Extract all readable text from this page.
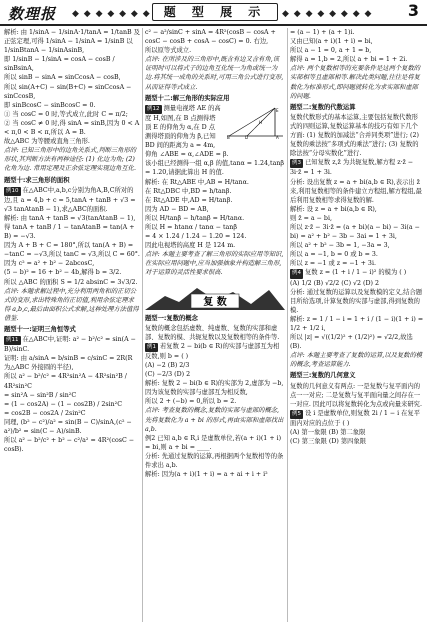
数理报 ◆ ◆ ◆ ◆ ◆ ◆ ◆	题 型 展 示	◆ ◆ ◆ ◆ ◆ ◆ ◆ ◆ 3

解析: 由 1/sinA − 1/sinA·1/tanA = 1/tanB 及

正弦定理,可得 1/sinA − 1/sinA = 1/sinB 以

1/sinBtanA − 1/sinAsinB,

即 1/sinB − 1/sinA = cosA − cosB / sinBsinA,

所以 sinB − sinA = sinCcosA − cosB,

所以 sin(A+C) − sin(B+C) = sinCcosA − sinCcosB,

即 sinBcosC − sinBcosC = 0.

① 当 cosC = 0 时,等式成立,此时 C = π/2;

② 当 cosC ≠ 0 时,得 sinA = sinB,因为 0 < A < π,0 < B < π,所以 A = B.

故△ABC 为等腰或直角三角形.

点评: 已知三角形中的边角关系式,判断三角形的形状,其判断方法有两种途径: (1) 化边为角; (2) 化角为边. 常用定理及正余弦定理实现边角互化.

题型十:求三角形的面积

例10 在△ABC中,a,b,c分别为角A,B,C所对的边,且 a = 4,b + c = 5,tanA + tanB + √3 = √3 tanAtanB − 1),求△ABC的面积.

解析: 由 tanA + tanB = √3(tanAtanB − 1),

得 tanA + tanB / 1 − tanAtanB = tan(A + B) = −√3.

因为 A + B + C = 180°,所以 tan(A + B) = −tanC = −√3,所以 tanC = √3,所以 C = 60°.

因为 c² = a² + b² − 2abcosC,

(5 − b)² = 16 + b² − 4b,解得 b = 3/2.

所以 △ABC 的面积 S = 1/2 absinC = 3√3/2.

点评: 本题求解过程中,充分利用两角和的正切公式的变形,求出特殊角的正切值,利用余弦定理求得 a,b,c,最后由面积公式求解,这种处理方法值得借鉴.

题型十一:证明三角恒等式

例11 在△ABC中,证明: a² − b²/c² = sin(A − B)/sinC.

证明: 由 a/sinA = b/sinB = c/sinC = 2R(R 为△ABC 外接圆的半径),

所以 a² − b²/c² = 4R²sin²A − 4R²sin²B / 4R²sin²C

= sin²A − sin²B / sin²C

= (1 − cos2A) − (1 − cos2B) / 2sin²C

= cos2B − cos2A / 2sin²C

同理, (b² − c²)/a² = sin(B − C)/sinA,(c² − a²)/b² = sin(C − A)/sinB.

所以 a² − b²/c² + b² − c²/a² = 4R²(cosC − cosB).

c² − a²/sinC + sinA = 4R²(cosB − cosA + cosC − cosB + cosA − cosC) = 0. 右边,

所以原等式成立.

点评: 在所涉及的三角形中,既含有边又含有角,该证明时可以将式子的边角互化统一为角或统一为边.将其统一成角的关系时,可用三角公式进行变形,从而证得等式成立.

题型十二:解三角形的实际应用

E
A
B	D
H

例12 测量电视塔 AE 的高度 H,如图,在 B 点测得塔顶 E 的仰角为 α,在 D 点测得塔顶的仰角为 β,已知 BD 间的距离为 a = 4m,仰角 ∠ABE = α,∠ADE = β.

该小组已经测得一组 α,β 的值,tanα = 1.24,tanβ = 1.20,请据此算出 H 的值.

解析: 在 Rt△ABE 中,AB = H/tanα.

在 Rt△DBC 中,BD = h/tanβ.

在 Rt△ADE 中,AD = H/tanβ.

因为 AD − BD = AB,

所以 H/tanβ − h/tanβ = H/tanα.

所以 H = htanα / tanα − tanβ

= 4 × 1.24 / 1.24 − 1.20 = 124.

因此电视塔的高度 H 是 124 m.

点评: 本题主要考查了解三角形的实际应用等知识,在实际应用问题中,应当加强抽象并构造解三角形,对于运算的灵活性要求很高.

复 数

题型一:复数的概念

复数的概念包括虚数、纯虚数、复数的实部和虚部、复数的模、共轭复数以及复数相等的条件等.

例1 若复数 2 − bi(b ∈ R)的实部与虚部互为相反数,则 b = ( )

(A) −2 (B) 2/3

(C) −2/3 (D) 2

解析: 复数 2 − bi(b ∈ R)的实部为 2,虚部为 −b,

因为该复数的实部与虚部互为相反数,

所以 2 + (−b) = 0,所以 b = 2.

点评: 考查复数的概念,复数的实部与虚部的概念,先将复数化为 a + bi 的形式,再由实部和虚部找出 a,b.

例2 已知 a,b ∈ R,i 是虚数单位,若(a + i)(1 + i) = bi,则 a + bi = ____.

分析: 先通过复数的运算,再根据两个复数相等的条件求出 a,b.

解析: 因为(a + i)(1 + i) = a + ai + i + i²

= (a − 1) + (a + 1)i.

又由已知(a + i)(1 + i) = bi,

所以 a − 1 = 0, a + 1 = b,

解得 a = 1,b = 2,所以 a + bi = 1 + 2i.

点评: 两个复数相等的充要条件是这两个复数的实部相等且虚部相等.解决此类问题,往往是将复数化为标准形式,即问题就转化为求实部和虚部的问题.

题型二:复数的代数运算

复数代数形式的基本运算,主要包括复数代数形式的四则运算,复数运算基本的技巧有如下几个方面: (1) 复数的加减法“合并同类项”进行; (2) 复数的乘法按“多项式的乘法”进行; (3) 复数的除法按“分母实数化”进行.

例3 已知复数 z,z̄ 为共轭复数,解方程 z·z̄ − 3i·z̄ = 1 + 3i.

分析: 设出复数 z = a + bi(a,b ∈ R),表示出 z̄ 来,利用复数相等的条件建立方程组,解方程组,最后利用复数相等求得复数的解.

解析: 设 z = a + bi(a,b ∈ R),

则 z̄ = a − bi,

所以 z·z̄ − 3i·z̄ = (a + bi)(a − bi) − 3i(a − bi) = a² + b² − 3b − 3ai = 1 + 3i,

所以 a² + b² − 3b = 1, −3a = 3,

所以 a = −1, b = 0 或 b = 3.

所以 z = −1 或 z = −1 + 3i.

例4 复数 z = (1 + i / 1 − i)² 的模为 ( )

(A) 1/2 (B) √2/2 (C) √2 (D) 2

分析: 通过复数的运算以及复数模的定义,结合题目所给选项,计算复数的实部与虚部,得到复数的模.

解析: z = 1 / 1 − i = 1 + i / (1 − i)(1 + i) = 1/2 + 1/2 i,

所以 |z| = √((1/2)² + (1/2)²) = √2/2,故选(B).

点评: 本题主要考查了复数的运算,以及复数的模的概念,考查运算能力.

题型三:复数的几何意义

复数的几何意义有两点: 一是复数与复平面内的点一一对应; 二是复数与复平面向量之间存在一一对应. 因此可以将复数转化为点或向量来研究.

例5 设 i 是虚数单位,则复数 2i / 1 − i 在复平面内对应的点位于 ( )

(A) 第一象限 (B) 第二象限

(C) 第三象限 (D) 第四象限
